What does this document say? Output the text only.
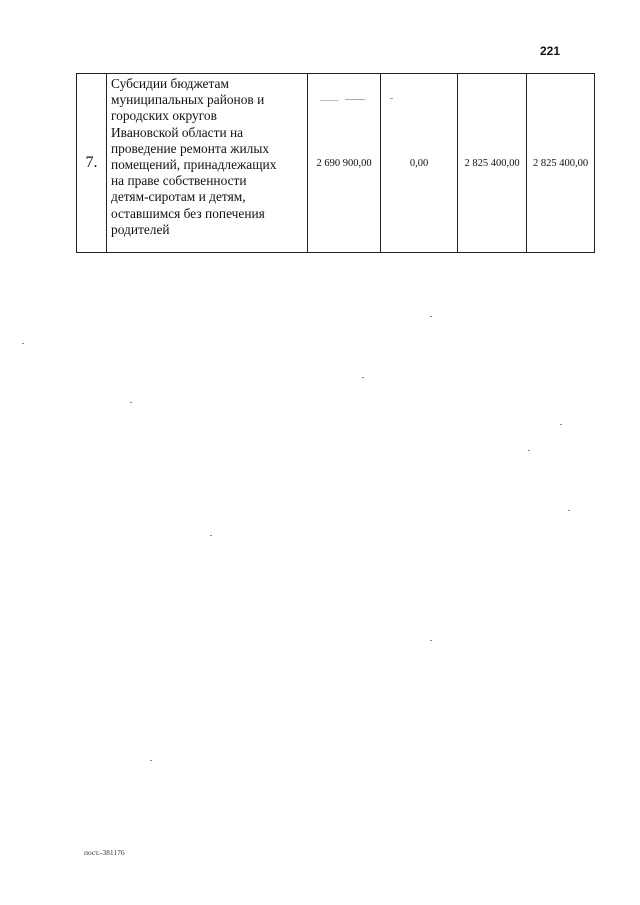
221
7.	
Субсидии бюджетам
муниципальных районов и
городских округов
Ивановской области на
проведение ремонта жилых
помещений, принадлежащих
на праве собственности
детям-сиротам и детям,
оставшимся без попечения
родителей
	2 690 900,00	0,00	2 825 400,00	2 825 400,00
пост.-381176
